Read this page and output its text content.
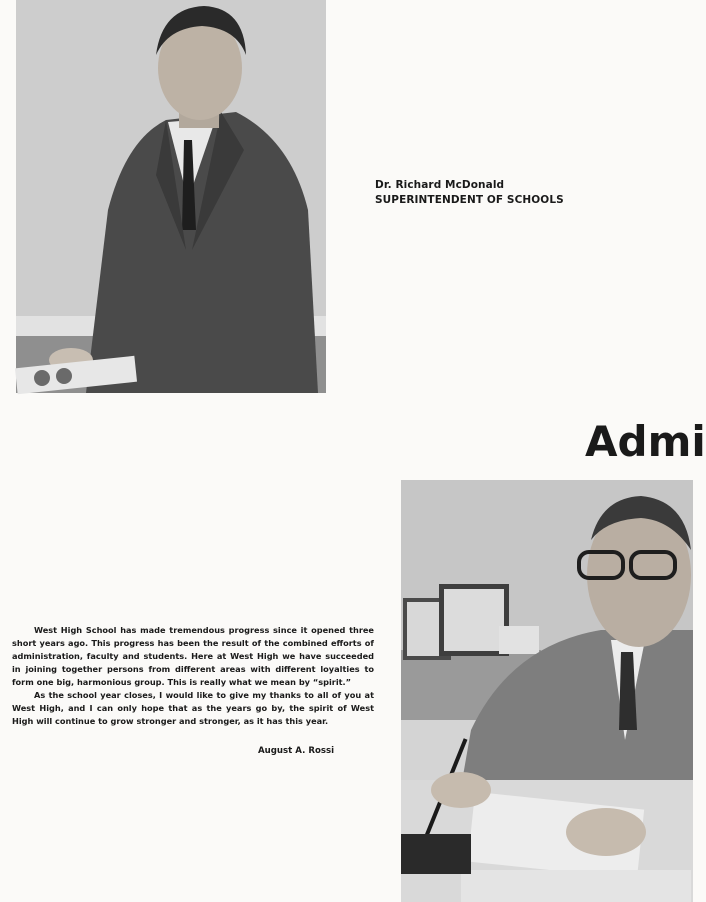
Dr. Richard McDonald
SUPERINTENDENT OF SCHOOLS
Admi

West High School has made tremendous progress since it opened three short years ago. This progress has been the result of the combined efforts of administration, faculty and students. Here at West High we have succeeded in joining together persons from different areas with different loyalties to form one big, harmonious group. This is really what we mean by “spirit.”

As the school year closes, I would like to give my thanks to all of you at West High, and I can only hope that as the years go by, the spirit of West High will continue to grow stronger and stronger, as it has this year.

August A. Rossi
